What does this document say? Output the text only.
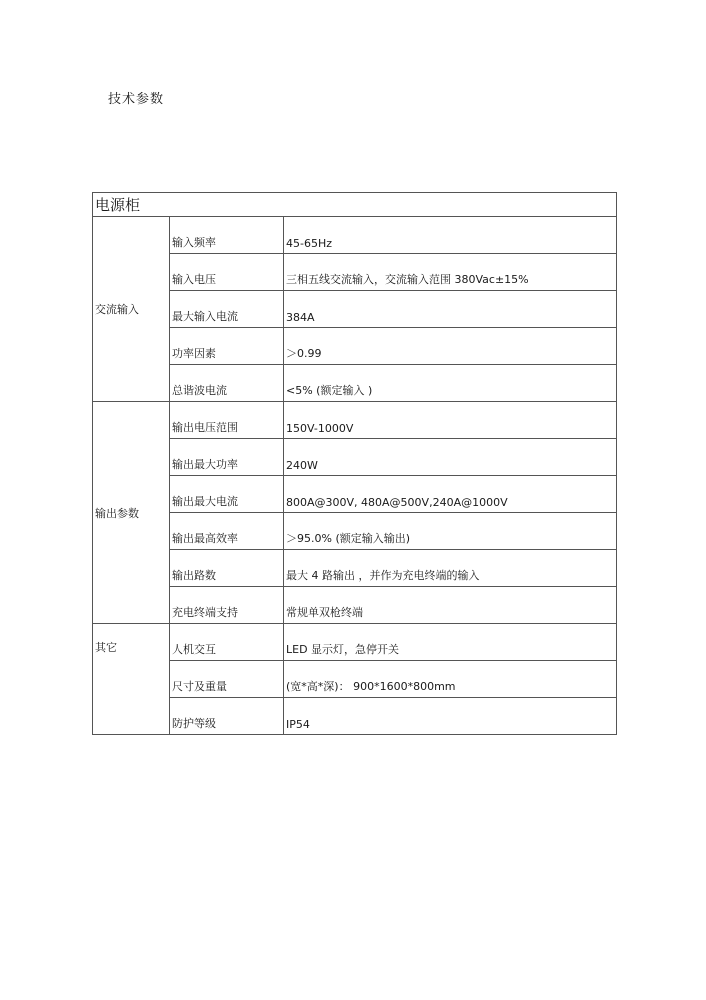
技术参数
电源柜		
交流输入	输入频率	45-65Hz
	输入电压	三相五线交流输入，交流输入范围 380Vac±15%
	最大输入电流	384A
	功率因素	＞0.99
	总谐波电流	<5% (额定输入 )
输出参数	输出电压范围	150V-1000V
	输出最大功率	240W
	输出最大电流	800A@300V, 480A@500V,240A@1000V
	输出最高效率	＞95.0% (额定输入输出)
	输出路数	最大 4 路输出 ，并作为充电终端的输入
	充电终端支持	常规单双枪终端
其它	人机交互	LED 显示灯，急停开关
	尺寸及重量	(宽*高*深)： 900*1600*800mm
	防护等级	IP54
